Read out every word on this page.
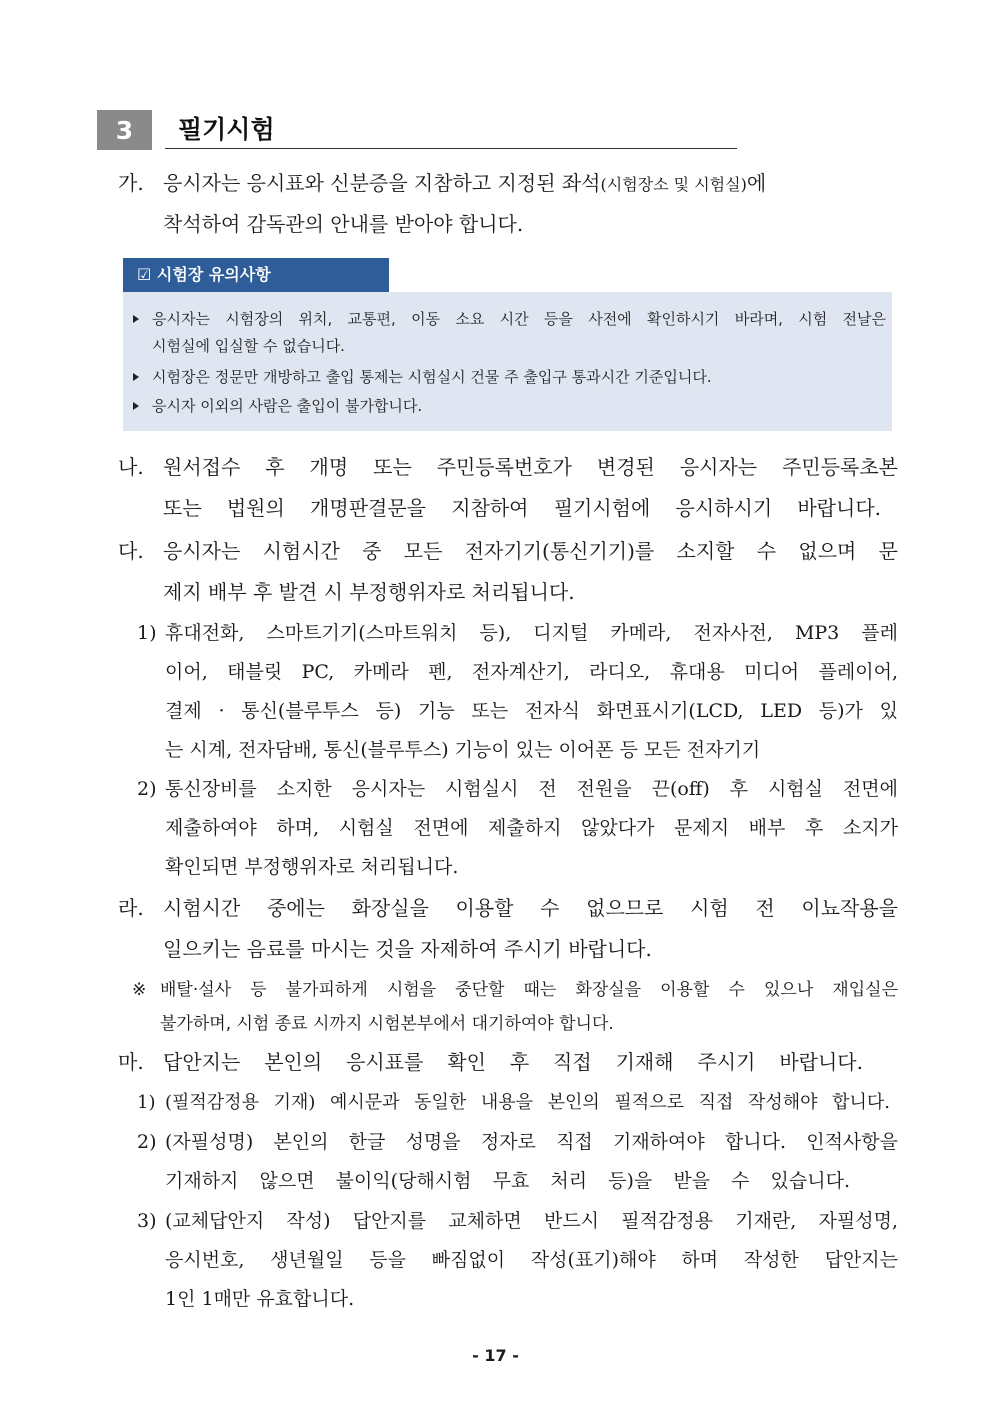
3	필기시험
가. 응시자는 응시표와 신분증을 지참하고 지정된 좌석(시험장소 및 시험실)에
착석하여 감독관의 안내를 받아야 합니다.
☑ 시험장 유의사항
응시자는 시험장의 위치, 교통편, 이동 소요 시간 등을 사전에 확인하시기 바라며, 시험 전날은
시험실에 입실할 수 없습니다.
시험장은 정문만 개방하고 출입 통제는 시험실시 건물 주 출입구 통과시간 기준입니다.
응시자 이외의 사람은 출입이 불가합니다.
나. 원서접수 후 개명 또는 주민등록번호가 변경된 응시자는 주민등록초본
또는 법원의 개명판결문을 지참하여 필기시험에 응시하시기 바랍니다.
다. 응시자는 시험시간 중 모든 전자기기(통신기기)를 소지할 수 없으며 문
제지 배부 후 발견 시 부정행위자로 처리됩니다.
1) 휴대전화, 스마트기기(스마트워치 등), 디지털 카메라, 전자사전, MP3 플레
이어, 태블릿 PC, 카메라 펜, 전자계산기, 라디오, 휴대용 미디어 플레이어,
결제 · 통신(블루투스 등) 기능 또는 전자식 화면표시기(LCD, LED 등)가 있
는 시계, 전자담배, 통신(블루투스) 기능이 있는 이어폰 등 모든 전자기기
2) 통신장비를 소지한 응시자는 시험실시 전 전원을 끈(off) 후 시험실 전면에
제출하여야 하며, 시험실 전면에 제출하지 않았다가 문제지 배부 후 소지가
확인되면 부정행위자로 처리됩니다.
라. 시험시간 중에는 화장실을 이용할 수 없으므로 시험 전 이뇨작용을
일으키는 음료를 마시는 것을 자제하여 주시기 바랍니다.
※ 배탈·설사 등 불가피하게 시험을 중단할 때는 화장실을 이용할 수 있으나 재입실은
불가하며, 시험 종료 시까지 시험본부에서 대기하여야 합니다.
마. 답안지는 본인의 응시표를 확인 후 직접 기재해 주시기 바랍니다.
1) (필적감정용 기재) 예시문과 동일한 내용을 본인의 필적으로 직접 작성해야 합니다.
2) (자필성명) 본인의 한글 성명을 정자로 직접 기재하여야 합니다. 인적사항을
기재하지 않으면 불이익(당해시험 무효 처리 등)을 받을 수 있습니다.
3) (교체답안지 작성) 답안지를 교체하면 반드시 필적감정용 기재란, 자필성명,
응시번호, 생년월일 등을 빠짐없이 작성(표기)해야 하며 작성한 답안지는
1인 1매만 유효합니다.
- 17 -
